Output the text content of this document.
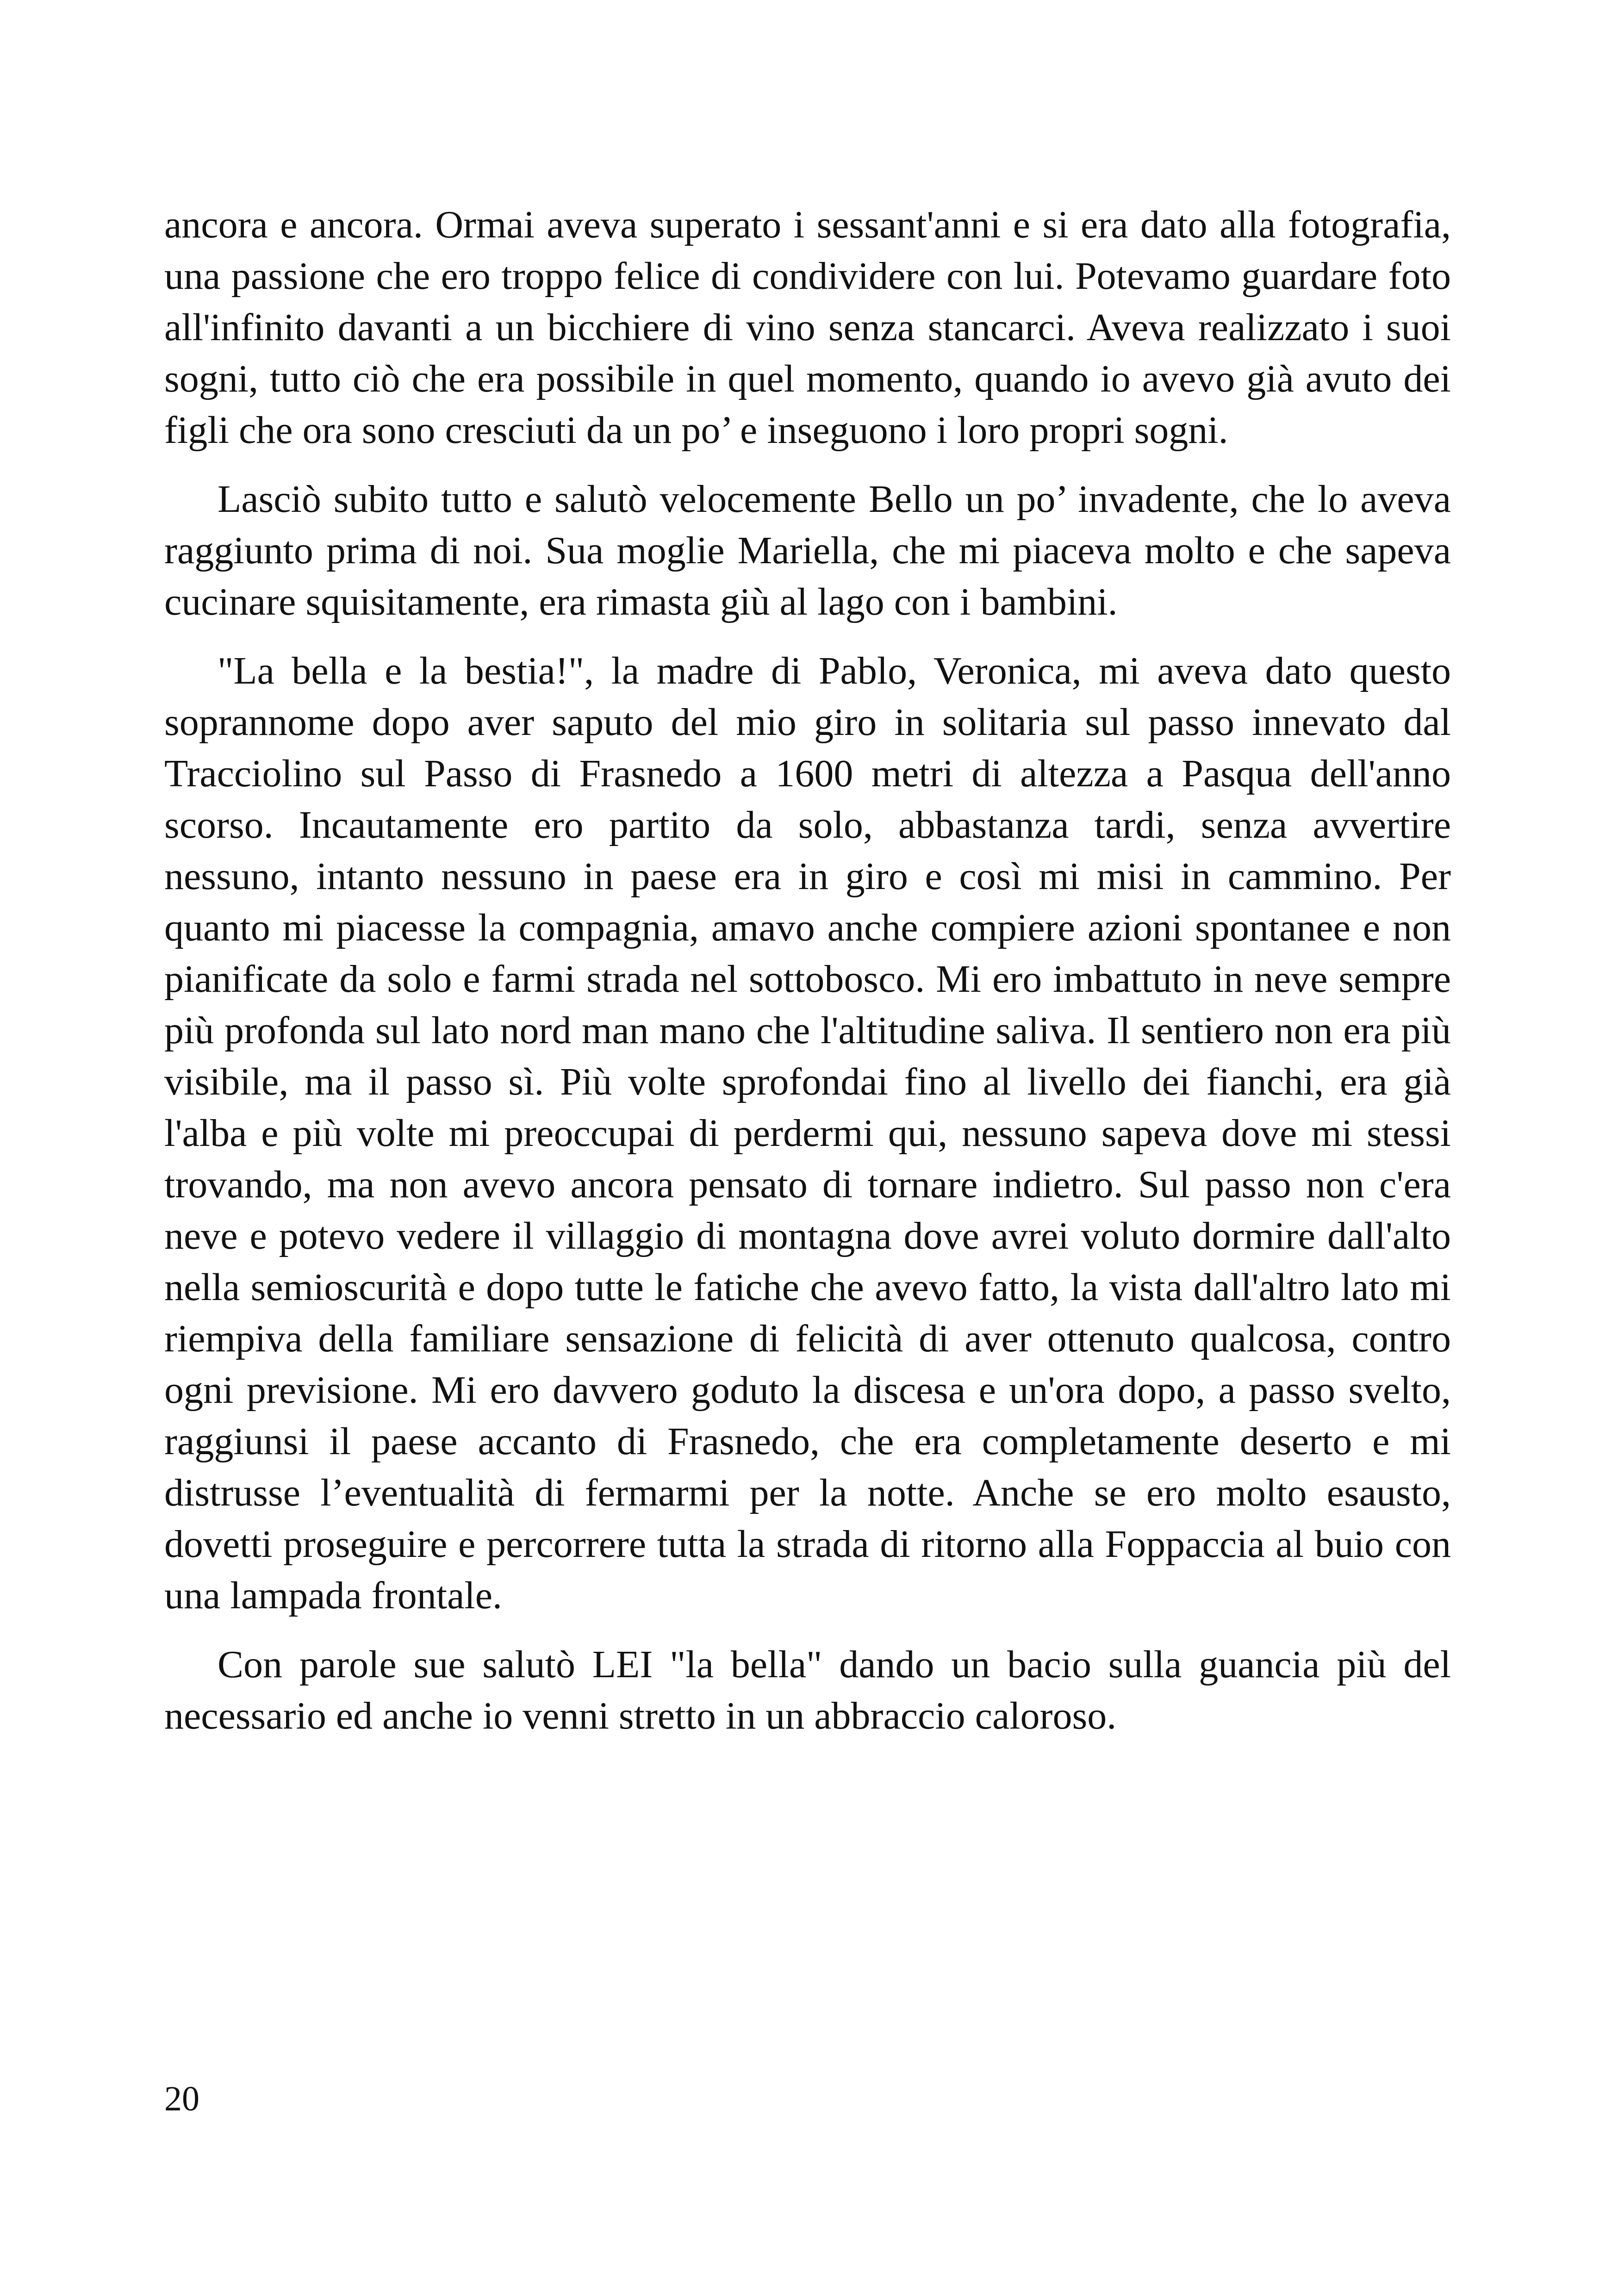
ancora e ancora. Ormai aveva superato i sessant'anni e si era dato alla fotografia, una passione che ero troppo felice di condividere con lui. Potevamo guardare foto all'infinito davanti a un bicchiere di vino senza stancarci. Aveva realizzato i suoi sogni, tutto ciò che era possibile in quel momento, quando io avevo già avuto dei figli che ora sono cresciuti da un po’ e inseguono i loro propri sogni.

Lasciò subito tutto e salutò velocemente Bello un po’ invadente, che lo aveva raggiunto prima di noi. Sua moglie Mariella, che mi piaceva molto e che sapeva cucinare squisitamente, era rimasta giù al lago con i bambini.

"La bella e la bestia!", la madre di Pablo, Veronica, mi aveva dato questo soprannome dopo aver saputo del mio giro in solitaria sul passo innevato dal Tracciolino sul Passo di Frasnedo a 1600 metri di altezza a Pasqua dell'anno scorso. Incautamente ero partito da solo, abbastanza tardi, senza avvertire nessuno, intanto nessuno in paese era in giro e così mi misi in cammino. Per quanto mi piacesse la compagnia, amavo anche compiere azioni spontanee e non pianificate da solo e farmi strada nel sottobosco. Mi ero imbattuto in neve sempre più profonda sul lato nord man mano che l'altitudine saliva. Il sentiero non era più visibile, ma il passo sì. Più volte sprofondai fino al livello dei fianchi, era già l'alba e più volte mi preoccupai di perdermi qui, nessuno sapeva dove mi stessi trovando, ma non avevo ancora pensato di tornare indietro. Sul passo non c'era neve e potevo vedere il villaggio di montagna dove avrei voluto dormire dall'alto nella semioscurità e dopo tutte le fatiche che avevo fatto, la vista dall'altro lato mi riempiva della familiare sensazione di felicità di aver ottenuto qualcosa, contro ogni previsione. Mi ero davvero goduto la discesa e un'ora dopo, a passo svelto, raggiunsi il paese accanto di Frasnedo, che era completamente deserto e mi distrusse l’eventualità di fermarmi per la notte. Anche se ero molto esausto, dovetti proseguire e percorrere tutta la strada di ritorno alla Foppaccia al buio con una lampada frontale.

Con parole sue salutò LEI "la bella" dando un bacio sulla guancia più del necessario ed anche io venni stretto in un abbraccio caloroso.

20
